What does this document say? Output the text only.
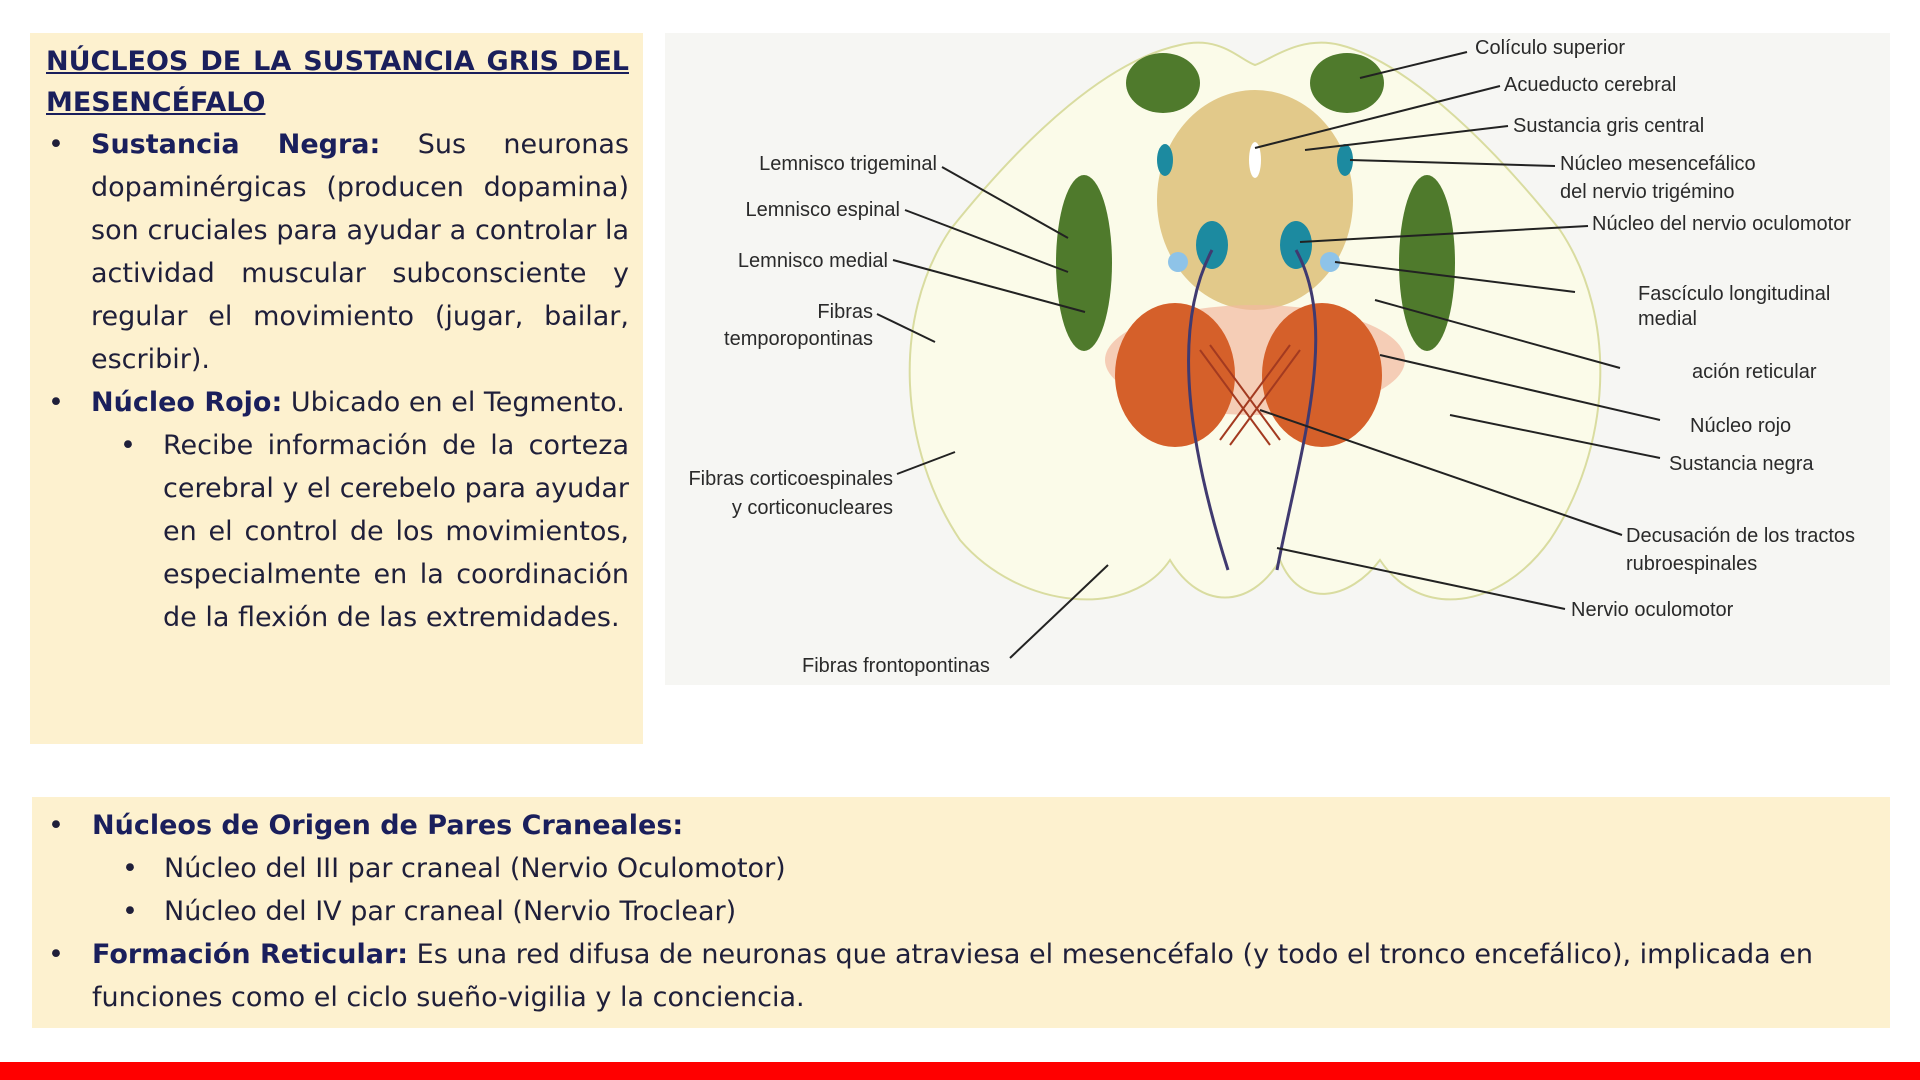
NÚCLEOS DE LA SUSTANCIA GRIS DEL MESENCÉFALO
• Sustancia Negra: Sus neuronas dopaminérgicas (producen dopamina) son cruciales para ayudar a controlar la actividad muscular subconsciente y regular el movimiento (jugar, bailar, escribir).
• Núcleo Rojo: Ubicado en el Tegmento.
• Recibe información de la corteza cerebral y el cerebelo para ayudar en el control de los movimientos, especialmente en la coordinación de la flexión de las extremidades.
Colículo superior
Acueducto cerebral
Sustancia gris central
Núcleo mesencefálico
del nervio trigémino
Núcleo del nervio oculomotor
Fascículo longitudinal
medial
ación reticular
Núcleo rojo
Sustancia negra
Decusación de los tractos
rubroespinales
Nervio oculomotor
Fibras frontopontinas
Fibras corticoespinales
y corticonucleares
Fibras
temporopontinas
Lemnisco medial
Lemnisco espinal
Lemnisco trigeminal
• Núcleos de Origen de Pares Craneales:
• Núcleo del III par craneal (Nervio Oculomotor)
• Núcleo del IV par craneal (Nervio Troclear)
• Formación Reticular: Es una red difusa de neuronas que atraviesa el mesencéfalo (y todo el tronco encefálico), implicada en funciones como el ciclo sueño-vigilia y la conciencia.
